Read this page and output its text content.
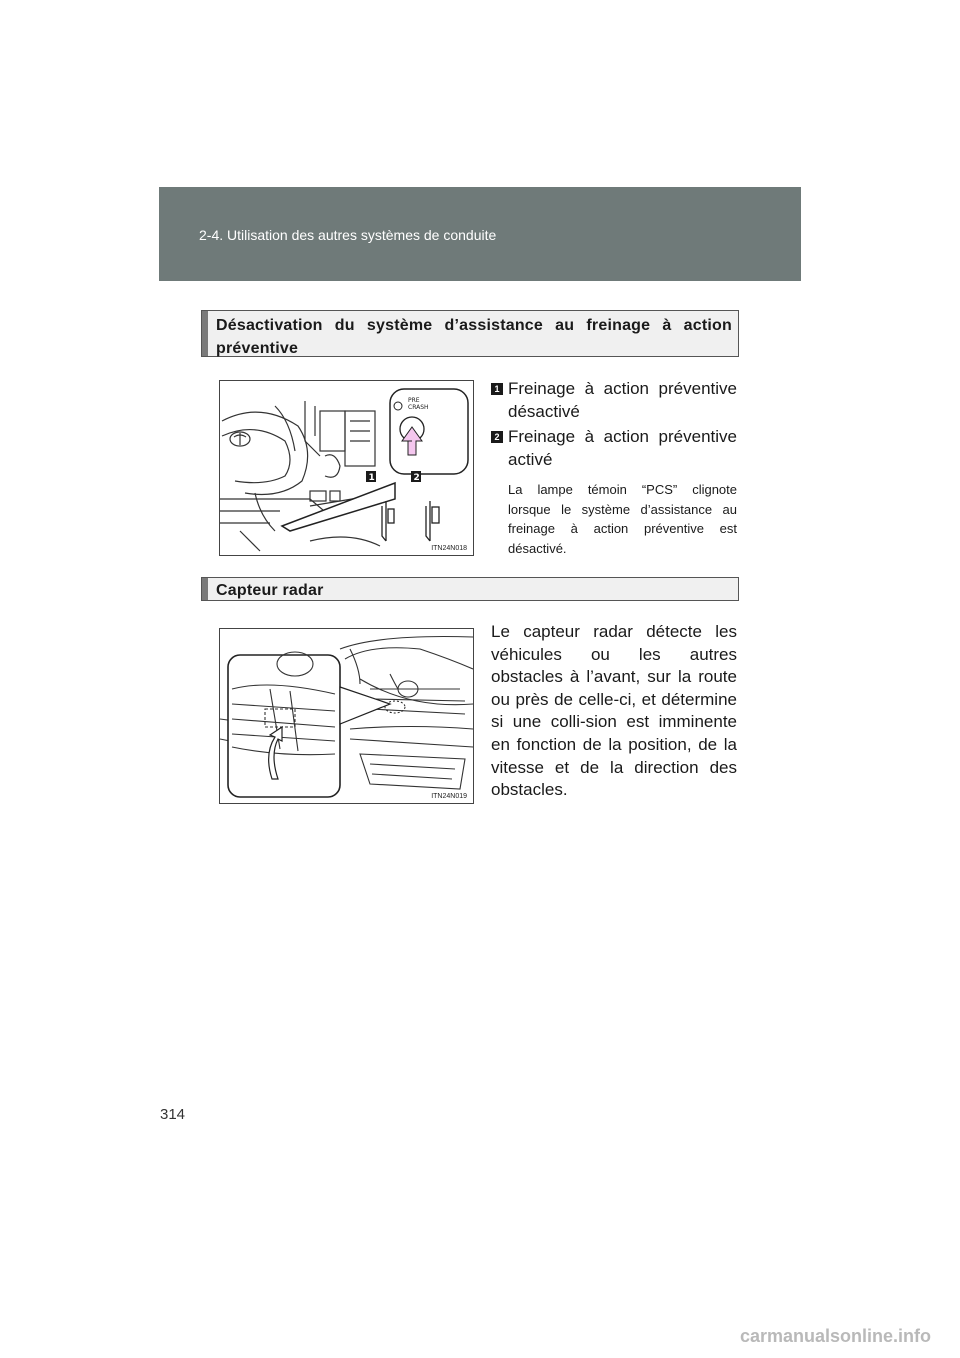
2-4. Utilisation des autres systèmes de conduite
Désactivation du système d’assistance au freinage à action préventive
PRE
CRASH
1	2
ITN24N018
1 Freinage à action préventive désactivé
2 Freinage à action préventive activé
La lampe témoin “PCS” clignote lorsque le système d’assistance au freinage à action préventive est désactivé.
Capteur radar
ITN24N019
Le capteur radar détecte les véhicules ou les autres obstacles à l’avant, sur la route ou près de celle-ci, et détermine si une colli-sion est imminente en fonction de la position, de la vitesse et de la direction des obstacles.
314
carmanualsonline.info
